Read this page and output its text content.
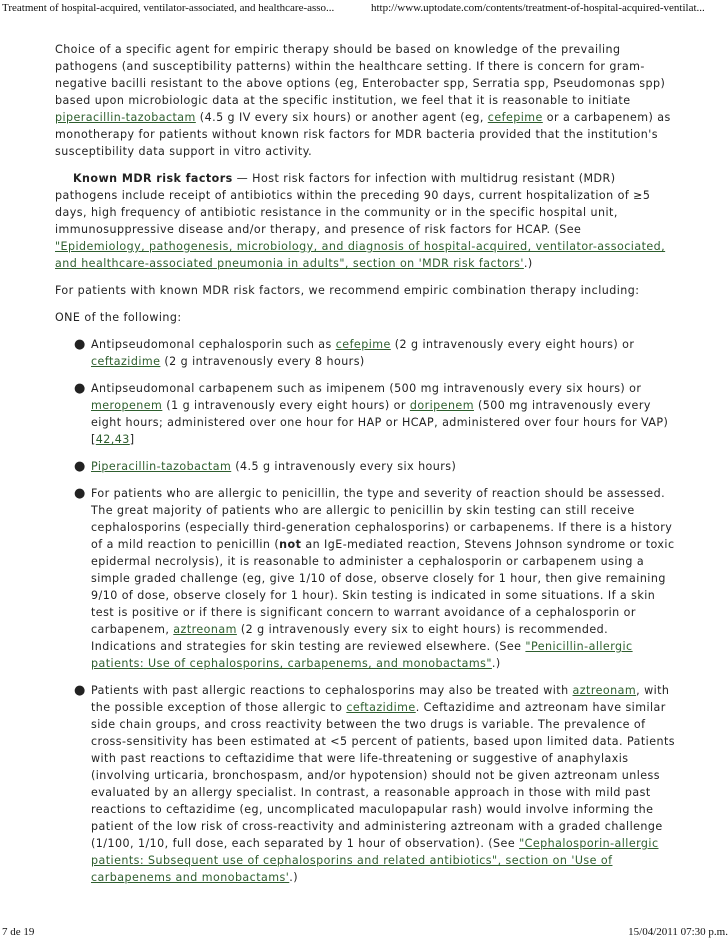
Treatment of hospital-acquired, ventilator-associated, and healthcare-asso...	http://www.uptodate.com/contents/treatment-of-hospital-acquired-ventilat...

Choice of a specific agent for empiric therapy should be based on knowledge of the prevailing pathogens (and susceptibility patterns) within the healthcare setting. If there is concern for gram-negative bacilli resistant to the above options (eg, Enterobacter spp, Serratia spp, Pseudomonas spp) based upon microbiologic data at the specific institution, we feel that it is reasonable to initiate piperacillin-tazobactam (4.5 g IV every six hours) or another agent (eg, cefepime or a carbapenem) as monotherapy for patients without known risk factors for MDR bacteria provided that the institution's susceptibility data support in vitro activity.

Known MDR risk factors — Host risk factors for infection with multidrug resistant (MDR) pathogens include receipt of antibiotics within the preceding 90 days, current hospitalization of ≥5 days, high frequency of antibiotic resistance in the community or in the specific hospital unit, immunosuppressive disease and/or therapy, and presence of risk factors for HCAP. (See "Epidemiology, pathogenesis, microbiology, and diagnosis of hospital-acquired, ventilator-associated, and healthcare-associated pneumonia in adults", section on 'MDR risk factors'.)

For patients with known MDR risk factors, we recommend empiric combination therapy including:

ONE of the following:

● Antipseudomonal cephalosporin such as cefepime (2 g intravenously every eight hours) or ceftazidime (2 g intravenously every 8 hours)
● Antipseudomonal carbapenem such as imipenem (500 mg intravenously every six hours) or meropenem (1 g intravenously every eight hours) or doripenem (500 mg intravenously every eight hours; administered over one hour for HAP or HCAP, administered over four hours for VAP) [42,43]
● Piperacillin-tazobactam (4.5 g intravenously every six hours)
● For patients who are allergic to penicillin, the type and severity of reaction should be assessed. The great majority of patients who are allergic to penicillin by skin testing can still receive cephalosporins (especially third-generation cephalosporins) or carbapenems. If there is a history of a mild reaction to penicillin (not an IgE-mediated reaction, Stevens Johnson syndrome or toxic epidermal necrolysis), it is reasonable to administer a cephalosporin or carbapenem using a simple graded challenge (eg, give 1/10 of dose, observe closely for 1 hour, then give remaining 9/10 of dose, observe closely for 1 hour). Skin testing is indicated in some situations. If a skin test is positive or if there is significant concern to warrant avoidance of a cephalosporin or carbapenem, aztreonam (2 g intravenously every six to eight hours) is recommended. Indications and strategies for skin testing are reviewed elsewhere. (See "Penicillin-allergic patients: Use of cephalosporins, carbapenems, and monobactams".)
● Patients with past allergic reactions to cephalosporins may also be treated with aztreonam, with the possible exception of those allergic to ceftazidime. Ceftazidime and aztreonam have similar side chain groups, and cross reactivity between the two drugs is variable. The prevalence of cross-sensitivity has been estimated at <5 percent of patients, based upon limited data. Patients with past reactions to ceftazidime that were life-threatening or suggestive of anaphylaxis (involving urticaria, bronchospasm, and/or hypotension) should not be given aztreonam unless evaluated by an allergy specialist. In contrast, a reasonable approach in those with mild past reactions to ceftazidime (eg, uncomplicated maculopapular rash) would involve informing the patient of the low risk of cross-reactivity and administering aztreonam with a graded challenge (1/100, 1/10, full dose, each separated by 1 hour of observation). (See "Cephalosporin-allergic patients: Subsequent use of cephalosporins and related antibiotics", section on 'Use of carbapenems and monobactams'.)
7 de 19	15/04/2011 07:30 p.m.
